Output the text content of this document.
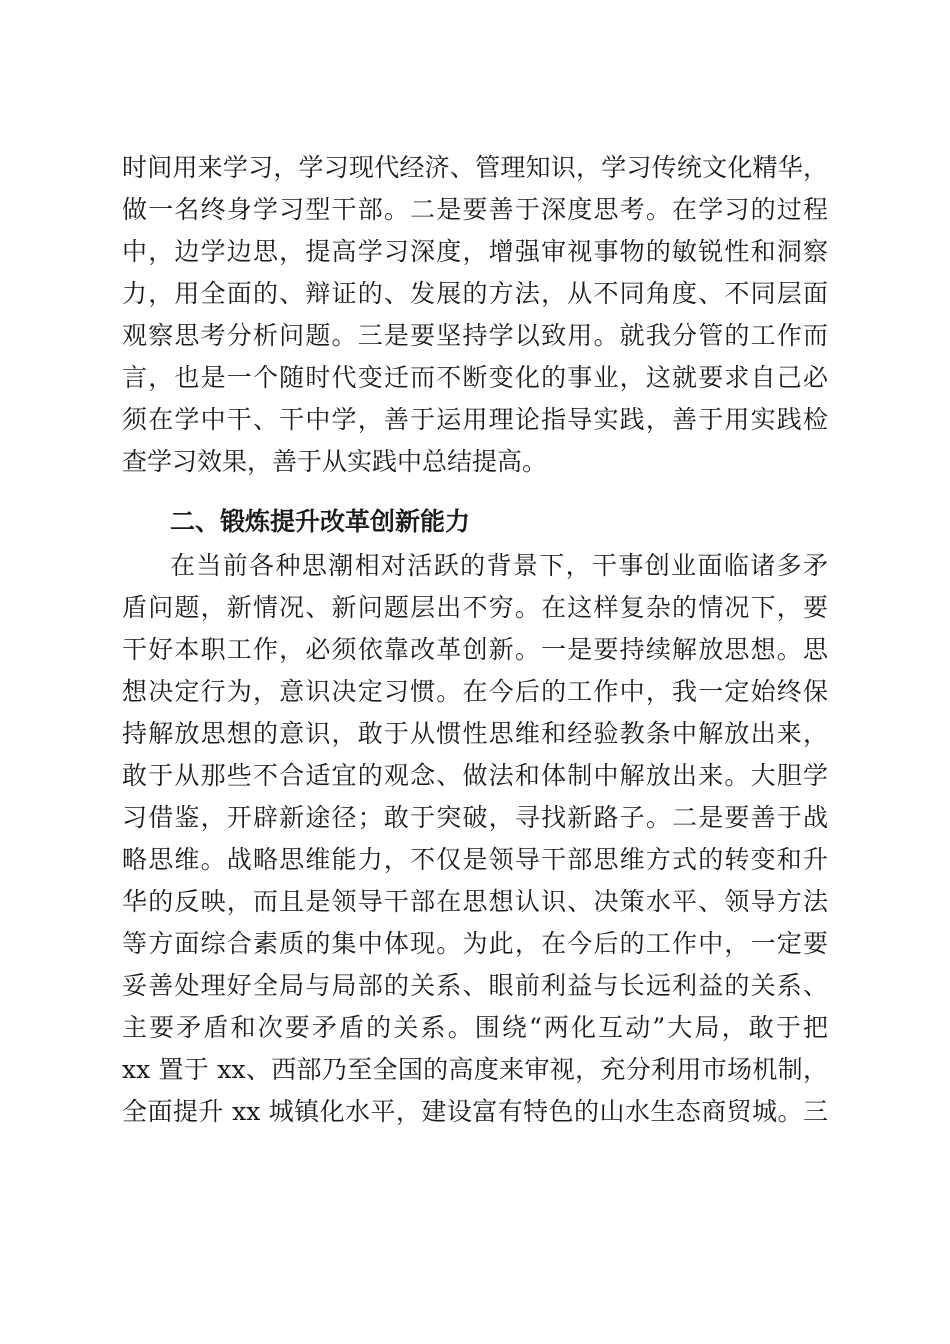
时间用来学习，学习现代经济、管理知识，学习传统文化精华，
做一名终身学习型干部。二是要善于深度思考。在学习的过程
中，边学边思，提高学习深度，增强审视事物的敏锐性和洞察
力，用全面的、辩证的、发展的方法，从不同角度、不同层面
观察思考分析问题。三是要坚持学以致用。就我分管的工作而
言，也是一个随时代变迁而不断变化的事业，这就要求自己必
须在学中干、干中学，善于运用理论指导实践，善于用实践检
查学习效果，善于从实践中总结提高。
二、锻炼提升改革创新能力
在当前各种思潮相对活跃的背景下，干事创业面临诸多矛
盾问题，新情况、新问题层出不穷。在这样复杂的情况下，要
干好本职工作，必须依靠改革创新。一是要持续解放思想。思
想决定行为，意识决定习惯。在今后的工作中，我一定始终保
持解放思想的意识，敢于从惯性思维和经验教条中解放出来，
敢于从那些不合适宜的观念、做法和体制中解放出来。大胆学
习借鉴，开辟新途径；敢于突破，寻找新路子。二是要善于战
略思维。战略思维能力，不仅是领导干部思维方式的转变和升
华的反映，而且是领导干部在思想认识、决策水平、领导方法
等方面综合素质的集中体现。为此，在今后的工作中，一定要
妥善处理好全局与局部的关系、眼前利益与长远利益的关系、
主要矛盾和次要矛盾的关系。围绕“两化互动”大局，敢于把
xx 置于 xx、西部乃至全国的高度来审视，充分利用市场机制，
全面提升 xx 城镇化水平，建设富有特色的山水生态商贸城。三
